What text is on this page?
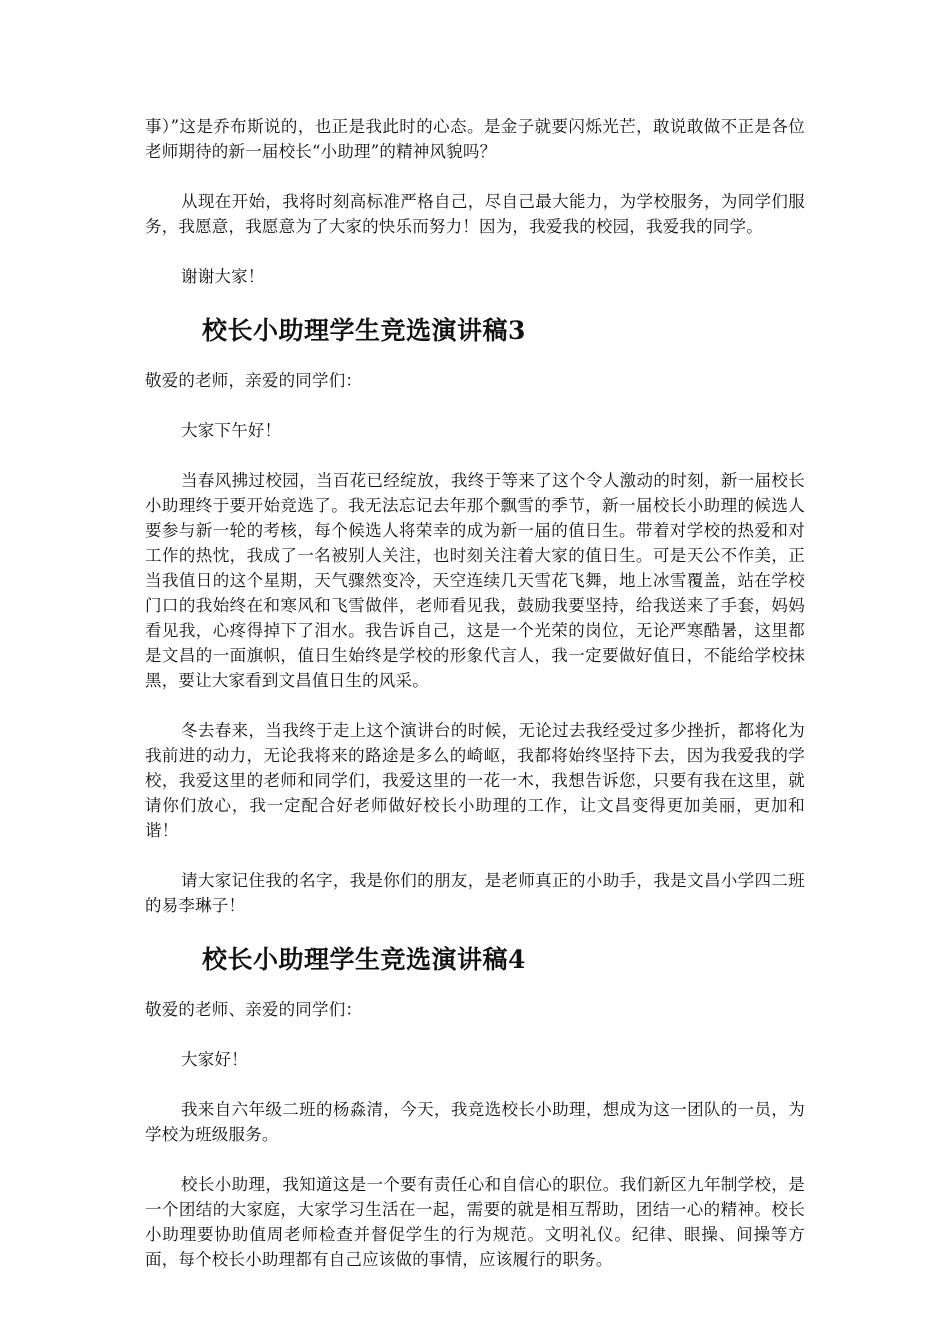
事）”这是乔布斯说的，也正是我此时的心态。是金子就要闪烁光芒，敢说敢做不正是各位老师期待的新一届校长“小助理”的精神风貌吗？

从现在开始，我将时刻高标准严格自己，尽自己最大能力，为学校服务，为同学们服务，我愿意，我愿意为了大家的快乐而努力！因为，我爱我的校园，我爱我的同学。

谢谢大家！

校长小助理学生竞选演讲稿3

敬爱的老师，亲爱的同学们：

大家下午好！

当春风拂过校园，当百花已经绽放，我终于等来了这个令人激动的时刻，新一届校长小助理终于要开始竞选了。我无法忘记去年那个飘雪的季节，新一届校长小助理的候选人要参与新一轮的考核，每个候选人将荣幸的成为新一届的值日生。带着对学校的热爱和对工作的热忱，我成了一名被别人关注，也时刻关注着大家的值日生。可是天公不作美，正当我值日的这个星期，天气骤然变冷，天空连续几天雪花飞舞，地上冰雪覆盖，站在学校门口的我始终在和寒风和飞雪做伴，老师看见我，鼓励我要坚持，给我送来了手套，妈妈看见我，心疼得掉下了泪水。我告诉自己，这是一个光荣的岗位，无论严寒酷暑，这里都是文昌的一面旗帜，值日生始终是学校的形象代言人，我一定要做好值日，不能给学校抹黑，要让大家看到文昌值日生的风采。

冬去春来，当我终于走上这个演讲台的时候，无论过去我经受过多少挫折，都将化为我前进的动力，无论我将来的路途是多么的崎岖，我都将始终坚持下去，因为我爱我的学校，我爱这里的老师和同学们，我爱这里的一花一木，我想告诉您，只要有我在这里，就请你们放心，我一定配合好老师做好校长小助理的工作，让文昌变得更加美丽，更加和谐！

请大家记住我的名字，我是你们的朋友，是老师真正的小助手，我是文昌小学四二班的易李琳子！

校长小助理学生竞选演讲稿4

敬爱的老师、亲爱的同学们：

大家好！

我来自六年级二班的杨淼清，今天，我竞选校长小助理，想成为这一团队的一员，为学校为班级服务。

校长小助理，我知道这是一个要有责任心和自信心的职位。我们新区九年制学校，是一个团结的大家庭，大家学习生活在一起，需要的就是相互帮助，团结一心的精神。校长小助理要协助值周老师检查并督促学生的行为规范。文明礼仪。纪律、眼操、间操等方面，每个校长小助理都有自己应该做的事情，应该履行的职务。
